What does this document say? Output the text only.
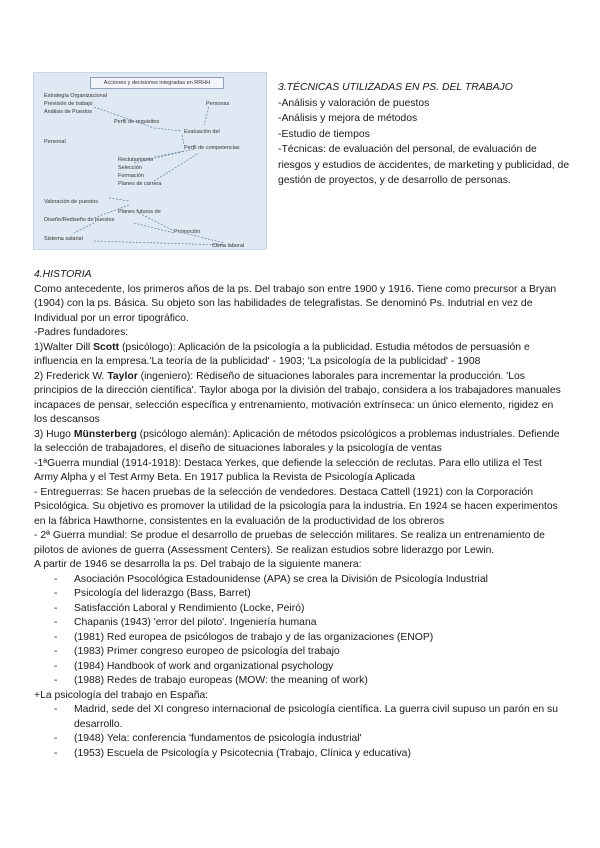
Acciones y decisiones integradas en RRHH
Estrategia Organizacional
Previsión de trabajo
Análisis de Puestos
Perfil de requisitos
Personas
Evaluación del
Personal
Perfil de competencias
Reclutamiento
Selección
Formación
Planes de carrera
Valoración de puestos
Diseño/Rediseño de puestos
Planes futuros de
Promoción
Sistema salarial
Clima laboral
3.TÉCNICAS UTILIZADAS EN PS. DEL TRABAJO
-Análisis y valoración de puestos
-Análisis y mejora de métodos
-Estudio de tiempos
-Técnicas: de evaluación del personal, de evaluación de riesgos y estudios de accidentes, de marketing y publicidad, de gestión de proyectos, y de desarrollo de personas.

4.HISTORIA

Como antecedente, los primeros años de la ps. Del trabajo son entre 1900 y 1916. Tiene como precursor a Bryan (1904) con la ps. Básica. Su objeto son las habilidades de telegrafistas. Se denominó Ps. Indutrial en vez de Individual por un error tipográfico.

-Padres fundadores:

1)Walter Dill Scott (psicólogo): Aplicación de la psicología a la publicidad. Estudia métodos de persuasión e influencia en la empresa.'La teoría de la publicidad' - 1903; 'La psicología de la publicidad' - 1908

2) Frederick W. Taylor (ingeniero): Rediseño de situaciones laborales para incrementar la producción. 'Los principios de la dirección científica'. Taylor aboga por la división del trabajo, considera a los trabajadores manuales incapaces de pensar, selección específica y entrenamiento, motivación extrínseca: un único elemento, rigidez en los descansos

3) Hugo Münsterberg (psicólogo alemán): Aplicación de métodos psicológicos a problemas industriales. Defiende la selección de trabajadores, el diseño de situaciones laborales y la psicología de ventas

-1ªGuerra mundial (1914-1918): Destaca Yerkes, que defiende la selección de reclutas. Para ello utiliza el Test Army Alpha y el Test Army Beta. En 1917 publica la Revista de Psicología Aplicada

- Entreguerras: Se hacen pruebas de la selección de vendedores. Destaca Cattell (1921) con la Corporación Psicológica. Su objetivo es promover la utilidad de la psicología para la industria. En 1924 se hacen experimentos en la fábrica Hawthorne, consistentes en la evaluación de la productividad de los obreros

- 2ª Guerra mundial: Se produe el desarrollo de pruebas de selección militares. Se realiza un entrenamiento de pilotos de aviones de guerra (Assessment Centers). Se realizan estudios sobre liderazgo por Lewin.

A partir de 1946 se desarrolla la ps. Del trabajo de la siguiente manera:

- Asociación Psocológica Estadounidense (APA) se crea la División de Psicología Industrial
- Psicología del liderazgo (Bass, Barret)
- Satisfacción Laboral y Rendimiento (Locke, Peiró)
- Chapanis (1943) 'error del piloto'. Ingeniería humana
- (1981) Red europea de psicólogos de trabajo y de las organizaciones (ENOP)
- (1983) Primer congreso europeo de psicología del trabajo
- (1984) Handbook of work and organizational psychology
- (1988) Redes de trabajo europeas (MOW: the meaning of work)

+La psicología del trabajo en España:

- Madrid, sede del XI congreso internacional de psicología científica. La guerra civil supuso un parón en su desarrollo.
- (1948) Yela: conferencia 'fundamentos de psicología industrial'
- (1953) Escuela de Psicología y Psicotecnia (Trabajo, Clínica y educativa)
